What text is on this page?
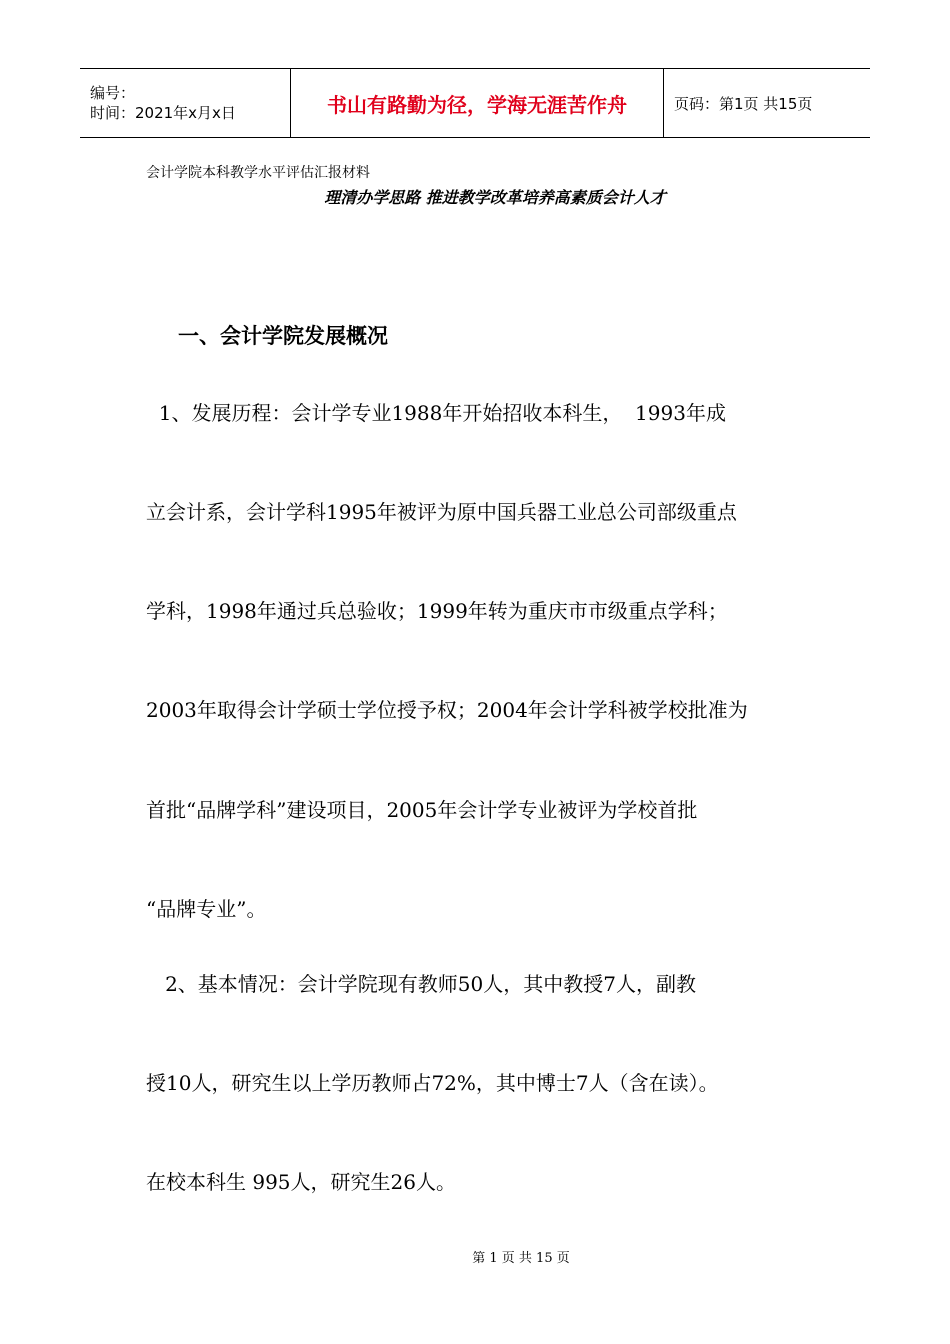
编号：
时间：2021年x月x日	书山有路勤为径，学海无涯苦作舟	页码：第1页 共15页
会计学院本科教学水平评估汇报材料
理清办学思路 推进教学改革培养高素质会计人才
一、会计学院发展概况
1、发展历程：会计学专业1988年开始招收本科生，  1993年成
立会计系，会计学科1995年被评为原中国兵器工业总公司部级重点
学科，1998年通过兵总验收；1999年转为重庆市市级重点学科；
2003年取得会计学硕士学位授予权；2004年会计学科被学校批准为
首批“品牌学科”建设项目，2005年会计学专业被评为学校首批
“品牌专业”。
2、基本情况：会计学院现有教师50人，其中教授7人，副教
授10人，研究生以上学历教师占72%，其中博士7人（含在读）。
在校本科生 995人，研究生26人。
第 1 页 共 15 页
